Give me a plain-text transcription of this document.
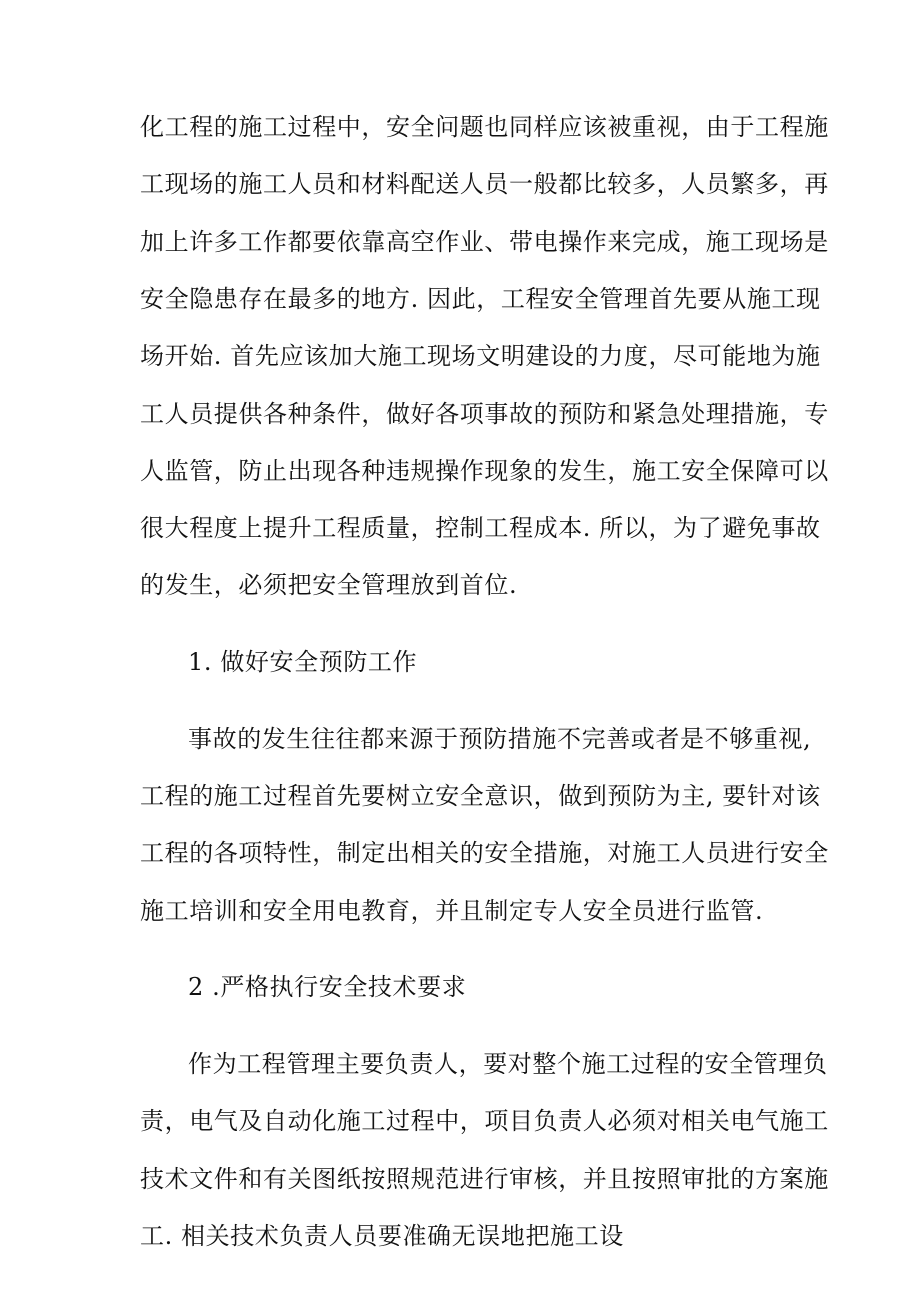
化工程的施工过程中，安全问题也同样应该被重视，由于工程施

工现场的施工人员和材料配送人员一般都比较多，人员繁多，再

加上许多工作都要依靠高空作业、带电操作来完成，施工现场是

安全隐患存在最多的地方. 因此，工程安全管理首先要从施工现

场开始. 首先应该加大施工现场文明建设的力度，尽可能地为施

工人员提供各种条件，做好各项事故的预防和紧急处理措施，专

人监管，防止出现各种违规操作现象的发生，施工安全保障可以

很大程度上提升工程质量，控制工程成本. 所以，为了避免事故

的发生，必须把安全管理放到首位.

1. 做好安全预防工作

事故的发生往往都来源于预防措施不完善或者是不够重视,

工程的施工过程首先要树立安全意识，做到预防为主, 要针对该

工程的各项特性，制定出相关的安全措施，对施工人员进行安全

施工培训和安全用电教育，并且制定专人安全员进行监管.

2 .严格执行安全技术要求

作为工程管理主要负责人，要对整个施工过程的安全管理负

责，电气及自动化施工过程中，项目负责人必须对相关电气施工

技术文件和有关图纸按照规范进行审核，并且按照审批的方案施

工. 相关技术负责人员要准确无误地把施工设
